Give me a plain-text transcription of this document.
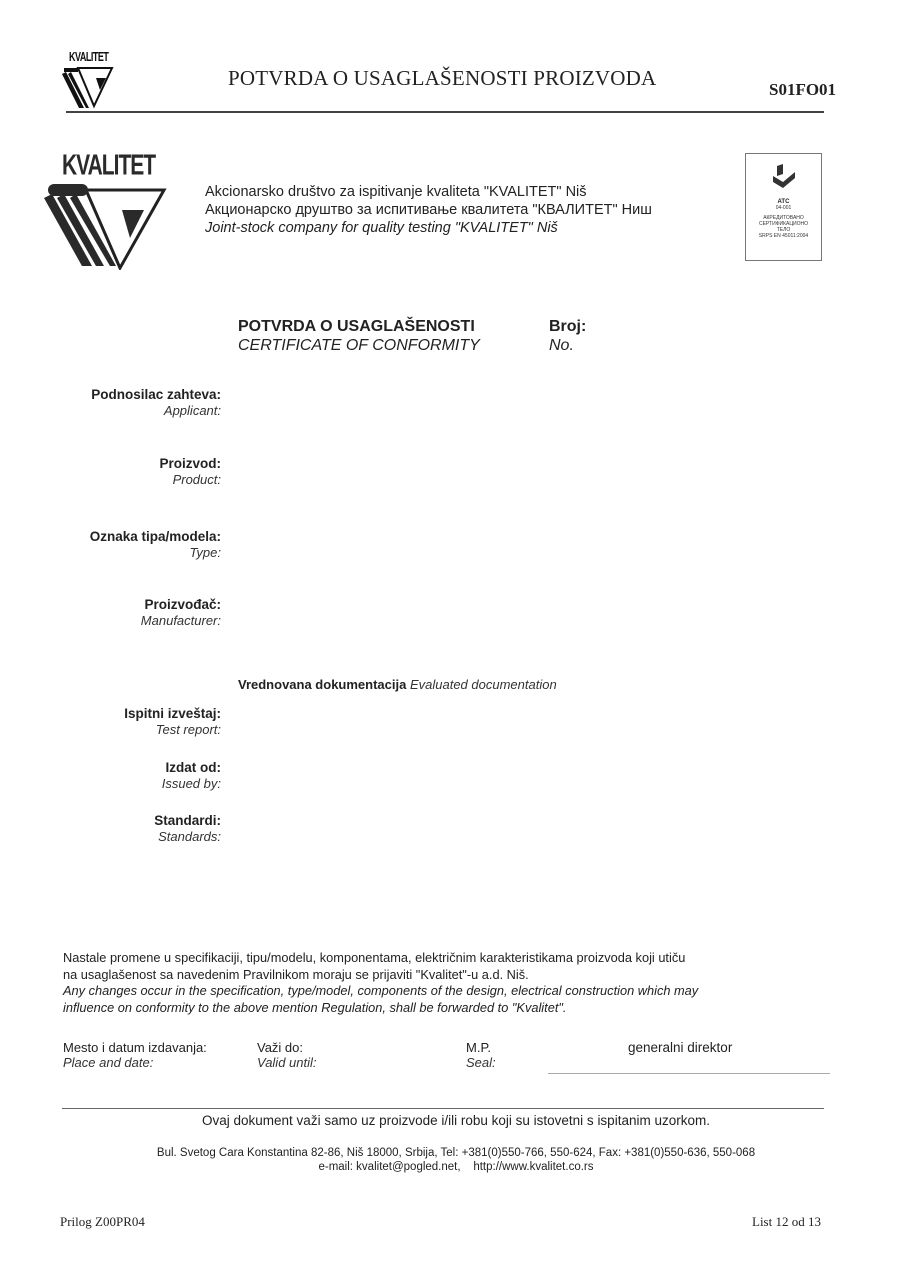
KVALITET
POTVRDA O USAGLAŠENOSTI PROIZVODA	S01FO01
KVALITET
Akcionarsko društvo za ispitivanje kvaliteta "KVALITET" Niš
Акционарско друштво за испитивање квалитета "КВАЛИТЕТ" Ниш
Joint-stock company for quality testing "KVALITET" Niš
ATC
04-001
АКРЕДИТОВАНО
СЕРТИФИКАЦИОНО
ТЕЛО
SRPS EN 45011:2004
POTVRDA O USAGLAŠENOSTI
CERTIFICATE OF CONFORMITY
Broj:
No.
Podnosilac zahteva:
Applicant:
Proizvod:
Product:
Oznaka tipa/modela:
Type:
Proizvođač:
Manufacturer:
Vrednovana dokumentacija Evaluated documentation
Ispitni izveštaj:
Test report:
Izdat od:
Issued by:
Standardi:
Standards:
Nastale promene u specifikaciji, tipu/modelu, komponentama, električnim karakteristikama proizvoda koji utiču
na usaglašenost sa navedenim Pravilnikom moraju se prijaviti "Kvalitet"-u a.d. Niš.
Any changes occur in the specification, type/model, components of the design, electrical construction which may
influence on conformity to the above mention Regulation, shall be forwarded to "Kvalitet".
Mesto i datum izdavanja:
Place and date:
Važi do:
Valid until:
M.P.
Seal:
generalni direktor
Ovaj dokument važi samo uz proizvode i/ili robu koji su istovetni s ispitanim uzorkom.
Bul. Svetog Cara Konstantina 82-86, Niš 18000, Srbija, Tel: +381(0)550-766, 550-624, Fax: +381(0)550-636, 550-068
e-mail: kvalitet@pogled.net,    http://www.kvalitet.co.rs
Prilog Z00PR04	List 12 od 13
